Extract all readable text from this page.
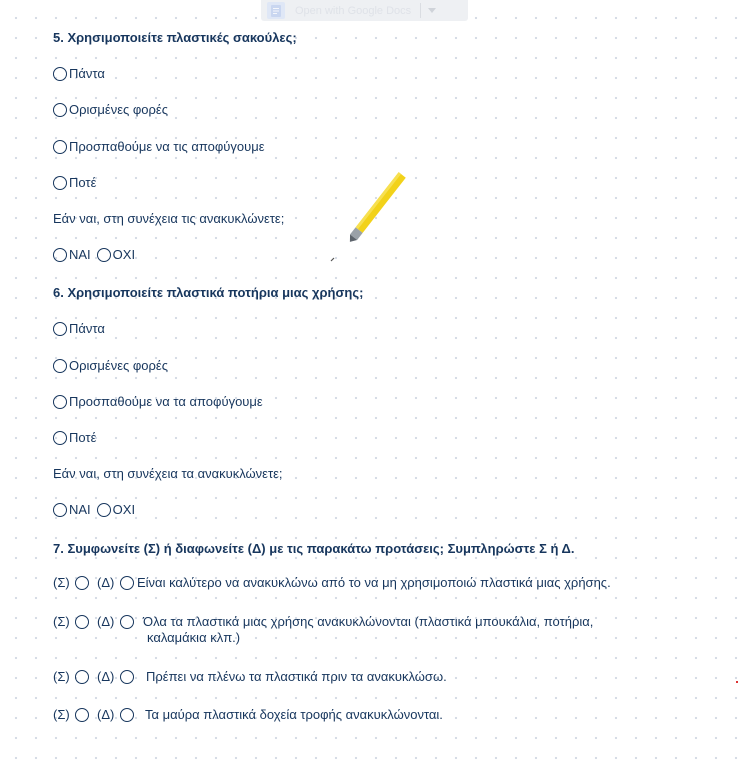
Open with Google Docs
5. Χρησιμοποιείτε πλαστικές σακούλες;
Πάντα
Ορισμένες φορές
Προσπαθούμε να τις αποφύγουμε
Ποτέ
Εάν ναι, στη συνέχεια τις ανακυκλώνετε;
ΝΑΙ ΟΧΙ
6. Χρησιμοποιείτε πλαστικά ποτήρια μιας χρήσης;
Πάντα
Ορισμένες φορές
Προσπαθούμε να τα αποφύγουμε
Ποτέ
Εάν ναι, στη συνέχεια τα ανακυκλώνετε;
ΝΑΙ ΟΧΙ
7. Συμφωνείτε (Σ) ή διαφωνείτε (Δ) με τις παρακάτω προτάσεις; Συμπληρώστε Σ ή Δ.
(Σ) (Δ) Είναι καλύτερο να ανακυκλώνω από το να μη χρησιμοποιώ πλαστικά μιας χρήσης.
(Σ) (Δ) Όλα τα πλαστικά μιας χρήσης ανακυκλώνονται (πλαστικά μπουκάλια, ποτήρια,
καλαμάκια κλπ.)
(Σ) (Δ) Πρέπει να πλένω τα πλαστικά πριν τα ανακυκλώσω.
(Σ) (Δ) Τα μαύρα πλαστικά δοχεία τροφής ανακυκλώνονται.
